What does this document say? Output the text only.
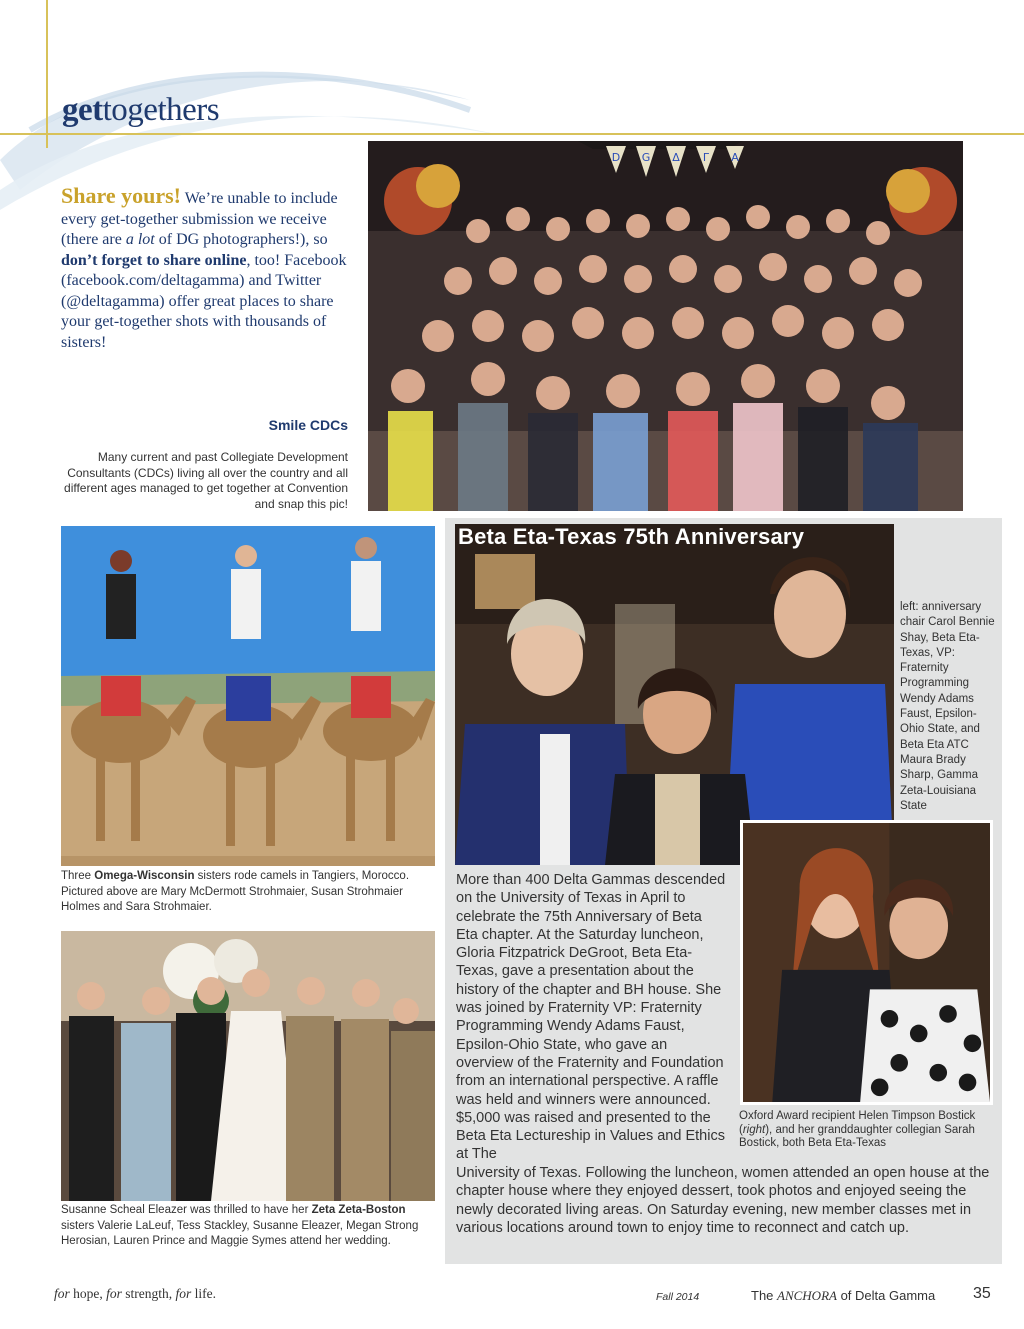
gettogethers
Share yours! We’re unable to include every get-together submission we receive (there are a lot of DG photographers!), so don’t forget to share online, too! Facebook (facebook.com/deltagamma) and Twitter (@deltagamma) offer great places to share your get-together shots with thousands of sisters!
Smile CDCs
Many current and past Collegiate Development Consultants (CDCs) living all over the country and all different ages managed to get together at Convention and snap this pic!
D G Δ Γ A
Three Omega-Wisconsin sisters rode camels in Tangiers, Morocco. Pictured above are Mary McDermott Strohmaier, Susan Strohmaier Holmes and Sara Strohmaier.
Susanne Scheal Eleazer was thrilled to have her Zeta Zeta-Boston sisters Valerie LaLeuf, Tess Stackley, Susanne Eleazer, Megan Strong Herosian, Lauren Prince and Maggie Symes attend her wedding.
Beta Eta-Texas 75th Anniversary
left: anniversary chair Carol Bennie Shay, Beta Eta-Texas, VP: Fraternity Programming Wendy Adams Faust, Epsilon-Ohio State, and Beta Eta ATC Maura Brady Sharp, Gamma Zeta-Louisiana State
More than 400 Delta Gammas descended on the University of Texas in April to celebrate the 75th Anniversary of Beta Eta chapter. At the Saturday luncheon, Gloria Fitzpatrick DeGroot, Beta Eta-Texas, gave a presentation about the history of the chapter and BH house. She was joined by Fraternity VP: Fraternity Programming Wendy Adams Faust, Epsilon-Ohio State, who gave an overview of the Fraternity and Foundation from an international perspective. A raffle was held and winners were announced. $5,000 was raised and presented to the Beta Eta Lectureship in Values and Ethics at The
Oxford Award recipient Helen Timpson Bostick (right), and her granddaughter collegian Sarah Bostick, both Beta Eta-Texas
University of Texas. Following the luncheon, women attended an open house at the chapter house where they enjoyed dessert, took photos and enjoyed seeing the newly decorated living areas. On Saturday evening, new member classes met in various locations around town to enjoy time to reconnect and catch up.
for hope, for strength, for life.	Fall 2014	The ANCHORA of Delta Gamma 35
